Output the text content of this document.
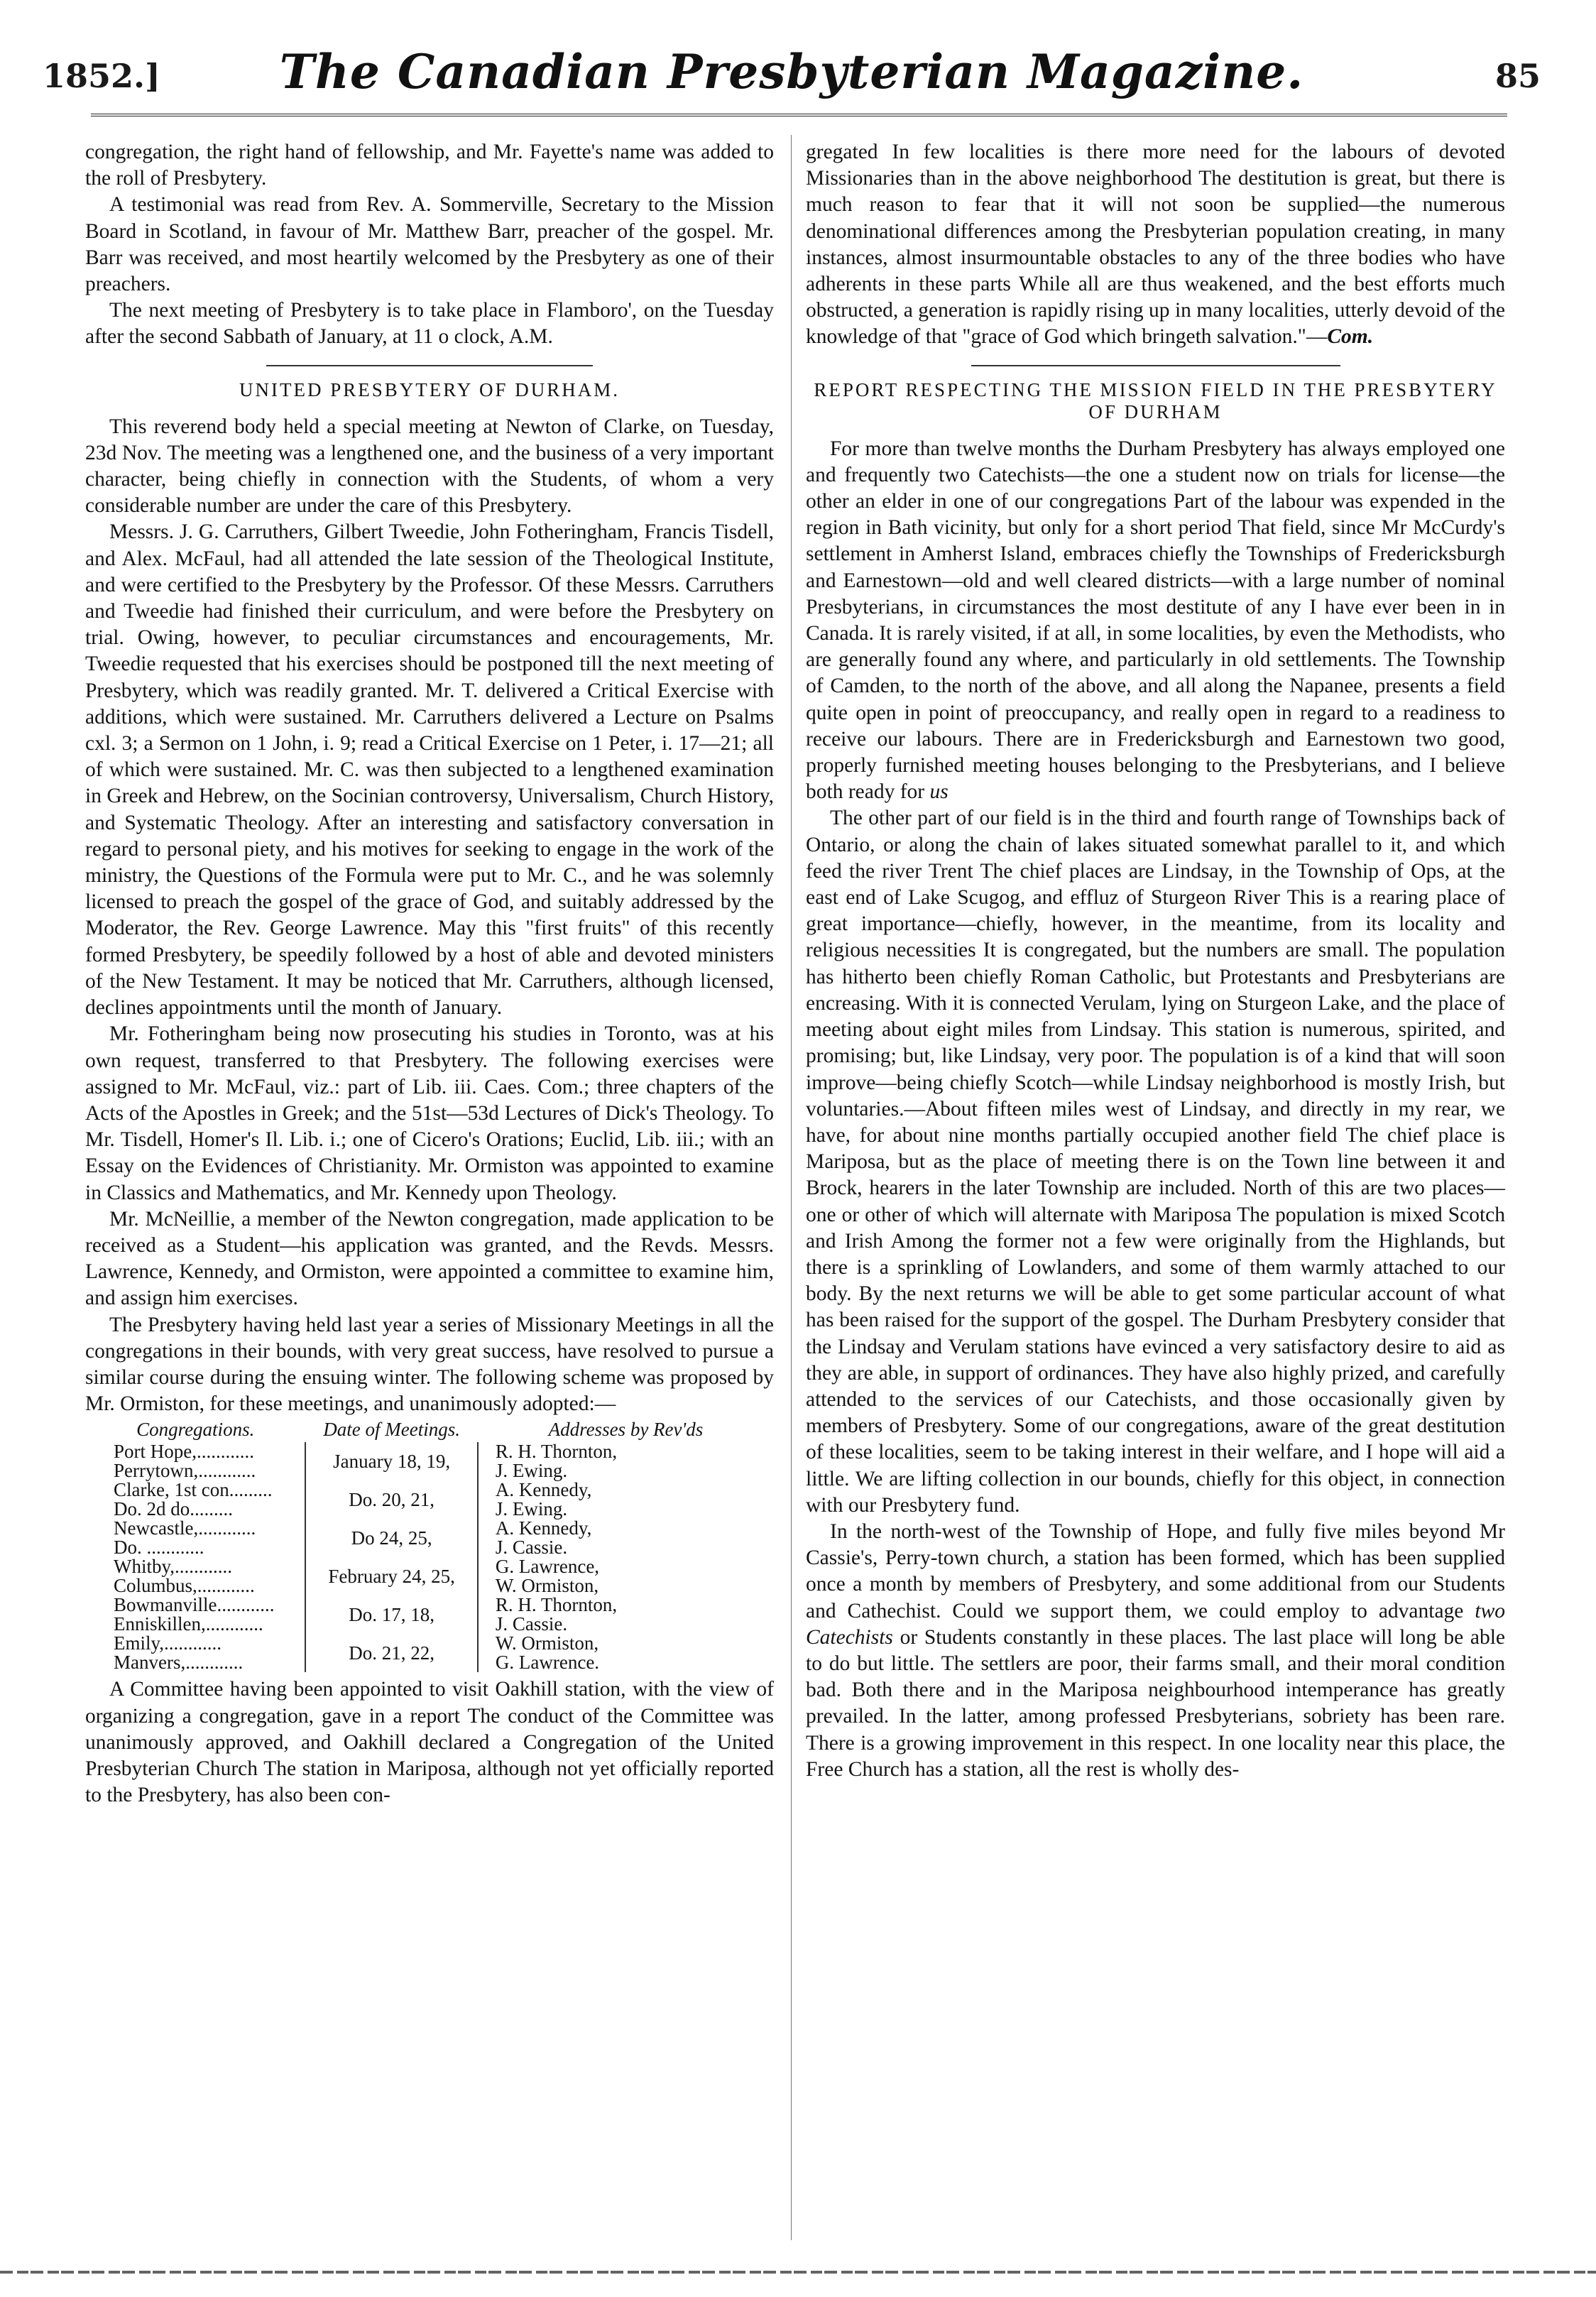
1852.]	The Canadian Presbyterian Magazine.	85

congregation, the right hand of fellowship, and Mr. Fayette's name was added to the roll of Presbytery.

A testimonial was read from Rev. A. Sommerville, Secretary to the Mission Board in Scotland, in favour of Mr. Matthew Barr, preacher of the gospel. Mr. Barr was received, and most heartily welcomed by the Presbytery as one of their preachers.

The next meeting of Presbytery is to take place in Flamboro', on the Tuesday after the second Sabbath of January, at 11 o clock, A.M.

UNITED PRESBYTERY OF DURHAM.

This reverend body held a special meeting at Newton of Clarke, on Tuesday, 23d Nov. The meeting was a lengthened one, and the business of a very important character, being chiefly in connection with the Students, of whom a very considerable number are under the care of this Presbytery.

Messrs. J. G. Carruthers, Gilbert Tweedie, John Fotheringham, Francis Tisdell, and Alex. McFaul, had all attended the late session of the Theological Institute, and were certified to the Presbytery by the Professor. Of these Messrs. Carruthers and Tweedie had finished their curriculum, and were before the Presbytery on trial. Owing, however, to peculiar circumstances and encouragements, Mr. Tweedie requested that his exercises should be postponed till the next meeting of Presbytery, which was readily granted. Mr. T. delivered a Critical Exercise with additions, which were sustained. Mr. Carruthers delivered a Lecture on Psalms cxl. 3; a Sermon on 1 John, i. 9; read a Critical Exercise on 1 Peter, i. 17—21; all of which were sustained. Mr. C. was then subjected to a lengthened examination in Greek and Hebrew, on the Socinian controversy, Universalism, Church History, and Systematic Theology. After an interesting and satisfactory conversation in regard to personal piety, and his motives for seeking to engage in the work of the ministry, the Questions of the Formula were put to Mr. C., and he was solemnly licensed to preach the gospel of the grace of God, and suitably addressed by the Moderator, the Rev. George Lawrence. May this "first fruits" of this recently formed Presbytery, be speedily followed by a host of able and devoted ministers of the New Testament. It may be noticed that Mr. Carruthers, although licensed, declines appointments until the month of January.

Mr. Fotheringham being now prosecuting his studies in Toronto, was at his own request, transferred to that Presbytery. The following exercises were assigned to Mr. McFaul, viz.: part of Lib. iii. Caes. Com.; three chapters of the Acts of the Apostles in Greek; and the 51st—53d Lectures of Dick's Theology. To Mr. Tisdell, Homer's Il. Lib. i.; one of Cicero's Orations; Euclid, Lib. iii.; with an Essay on the Evidences of Christianity. Mr. Ormiston was appointed to examine in Classics and Mathematics, and Mr. Kennedy upon Theology.

Mr. McNeillie, a member of the Newton congregation, made application to be received as a Student—his application was granted, and the Revds. Messrs. Lawrence, Kennedy, and Ormiston, were appointed a committee to examine him, and assign him exercises.

The Presbytery having held last year a series of Missionary Meetings in all the congregations in their bounds, with very great success, have resolved to pursue a similar course during the ensuing winter. The following scheme was proposed by Mr. Ormiston, for these meetings, and unanimously adopted:—

Congregations.	Date of Meetings.	Addresses by Rev'ds
Port Hope,............	January 18, 19,	R. H. Thornton,
Perrytown,............		J. Ewing.
Clarke, 1st con.........	Do. 20, 21,	A. Kennedy,
Do. 2d do.........		J. Ewing.
Newcastle,............	Do 24, 25,	A. Kennedy,
Do. ............		J. Cassie.
Whitby,............	February 24, 25,	G. Lawrence,
Columbus,............		W. Ormiston,
Bowmanville............	Do. 17, 18,	R. H. Thornton,
Enniskillen,............		J. Cassie.
Emily,............	Do. 21, 22,	W. Ormiston,
Manvers,............		G. Lawrence.

A Committee having been appointed to visit Oakhill station, with the view of organizing a congregation, gave in a report The conduct of the Committee was unanimously approved, and Oakhill declared a Congregation of the United Presbyterian Church The station in Mariposa, although not yet officially reported to the Presbytery, has also been con-

gregated In few localities is there more need for the labours of devoted Missionaries than in the above neighborhood The destitution is great, but there is much reason to fear that it will not soon be supplied—the numerous denominational differences among the Presbyterian population creating, in many instances, almost insurmountable obstacles to any of the three bodies who have adherents in these parts While all are thus weakened, and the best efforts much obstructed, a generation is rapidly rising up in many localities, utterly devoid of the knowledge of that "grace of God which bringeth salvation."—Com.

REPORT RESPECTING THE MISSION FIELD IN THE PRESBYTERY OF DURHAM

For more than twelve months the Durham Presbytery has always employed one and frequently two Catechists—the one a student now on trials for license—the other an elder in one of our congregations Part of the labour was expended in the region in Bath vicinity, but only for a short period That field, since Mr McCurdy's settlement in Amherst Island, embraces chiefly the Townships of Fredericksburgh and Earnestown—old and well cleared districts—with a large number of nominal Presbyterians, in circumstances the most destitute of any I have ever been in in Canada. It is rarely visited, if at all, in some localities, by even the Methodists, who are generally found any where, and particularly in old settlements. The Township of Camden, to the north of the above, and all along the Napanee, presents a field quite open in point of preoccupancy, and really open in regard to a readiness to receive our labours. There are in Fredericksburgh and Earnestown two good, properly furnished meeting houses belonging to the Presbyterians, and I believe both ready for us

The other part of our field is in the third and fourth range of Townships back of Ontario, or along the chain of lakes situated somewhat parallel to it, and which feed the river Trent The chief places are Lindsay, in the Township of Ops, at the east end of Lake Scugog, and effluz of Sturgeon River This is a rearing place of great importance—chiefly, however, in the meantime, from its locality and religious necessities It is congregated, but the numbers are small. The population has hitherto been chiefly Roman Catholic, but Protestants and Presbyterians are encreasing. With it is connected Verulam, lying on Sturgeon Lake, and the place of meeting about eight miles from Lindsay. This station is numerous, spirited, and promising; but, like Lindsay, very poor. The population is of a kind that will soon improve—being chiefly Scotch—while Lindsay neighborhood is mostly Irish, but voluntaries.—About fifteen miles west of Lindsay, and directly in my rear, we have, for about nine months partially occupied another field The chief place is Mariposa, but as the place of meeting there is on the Town line between it and Brock, hearers in the later Township are included. North of this are two places—one or other of which will alternate with Mariposa The population is mixed Scotch and Irish Among the former not a few were originally from the Highlands, but there is a sprinkling of Lowlanders, and some of them warmly attached to our body. By the next returns we will be able to get some particular account of what has been raised for the support of the gospel. The Durham Presbytery consider that the Lindsay and Verulam stations have evinced a very satisfactory desire to aid as they are able, in support of ordinances. They have also highly prized, and carefully attended to the services of our Catechists, and those occasionally given by members of Presbytery. Some of our congregations, aware of the great destitution of these localities, seem to be taking interest in their welfare, and I hope will aid a little. We are lifting collection in our bounds, chiefly for this object, in connection with our Presbytery fund.

In the north-west of the Township of Hope, and fully five miles beyond Mr Cassie's, Perry-town church, a station has been formed, which has been supplied once a month by members of Presbytery, and some additional from our Students and Cathechist. Could we support them, we could employ to advantage two Catechists or Students constantly in these places. The last place will long be able to do but little. The settlers are poor, their farms small, and their moral condition bad. Both there and in the Mariposa neighbourhood intemperance has greatly prevailed. In the latter, among professed Presbyterians, sobriety has been rare. There is a growing improvement in this respect. In one locality near this place, the Free Church has a station, all the rest is wholly des-
